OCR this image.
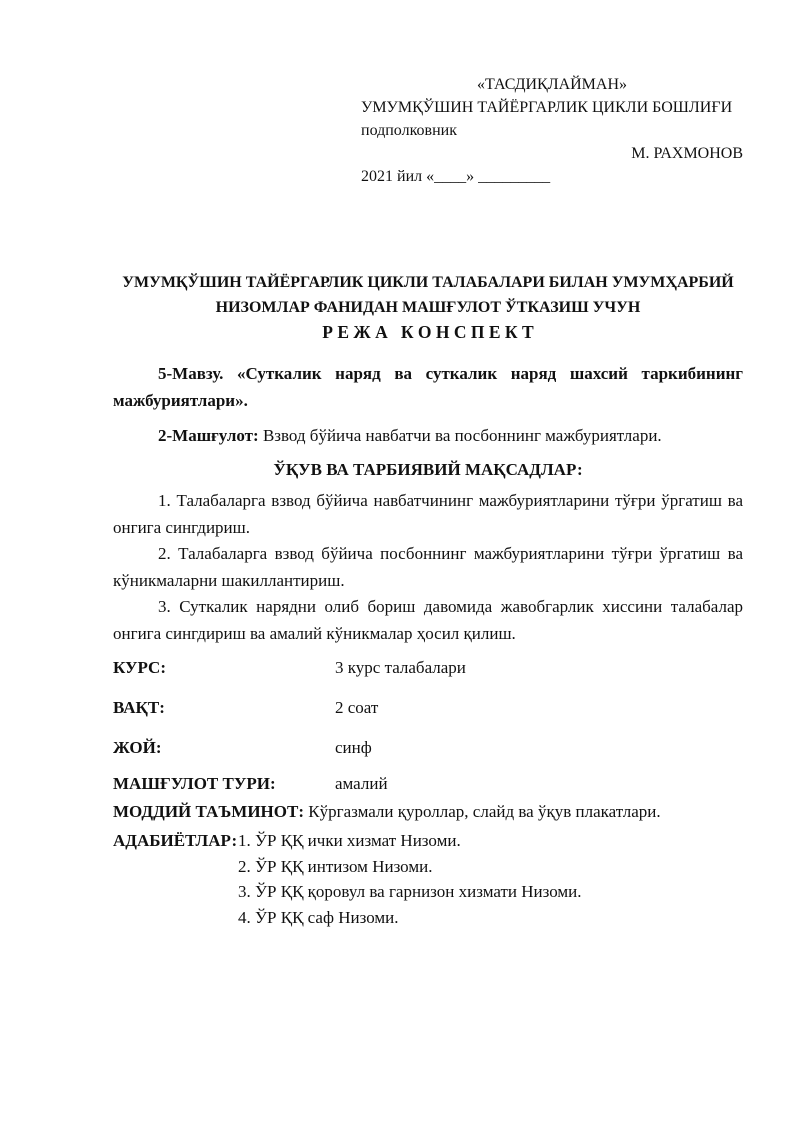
«ТАСДИҚЛАЙМАН»
УМУМҚЎШИН ТАЙЁРГАРЛИК ЦИКЛИ БОШЛИҒИ
подполковник
М. РАХМОНОВ
2021 йил «____» _________
УМУМҚЎШИН ТАЙЁРГАРЛИК ЦИКЛИ ТАЛАБАЛАРИ БИЛАН УМУМҲАРБИЙ
НИЗОМЛАР ФАНИДАН МАШҒУЛОТ ЎТКАЗИШ УЧУН
Р Е Ж А   К О Н С П Е К Т

5-Мавзу. «Суткалик наряд ва суткалик наряд шахсий таркибининг мажбуриятлари».

2-Машғулот: Взвод бўйича навбатчи ва посбоннинг мажбуриятлари.

ЎҚУВ ВА ТАРБИЯВИЙ МАҚСАДЛАР:

1. Талабаларга взвод бўйича навбатчининг мажбуриятларини тўғри ўргатиш ва онгига сингдириш.

2. Талабаларга взвод бўйича посбоннинг мажбуриятларини тўғри ўргатиш ва кўникмаларни шакиллантириш.

3. Суткалик нарядни олиб бориш давомида жавобгарлик хиссини талабалар онгига сингдириш ва амалий кўникмалар ҳосил қилиш.

КУРС:	3 курс талабалари
ВАҚТ:	2 соат
ЖОЙ:	синф
МАШҒУЛОТ ТУРИ:	амалий
МОДДИЙ ТАЪМИНОТ: Кўргазмали қуроллар, слайд ва ўқув плакатлари.
АДАБИЁТЛАР: 1. ЎР ҚҚ ички хизмат Низоми.
2. ЎР ҚҚ интизом Низоми.
3. ЎР ҚҚ қоровул ва гарнизон хизмати Низоми.
4. ЎР ҚҚ саф Низоми.
